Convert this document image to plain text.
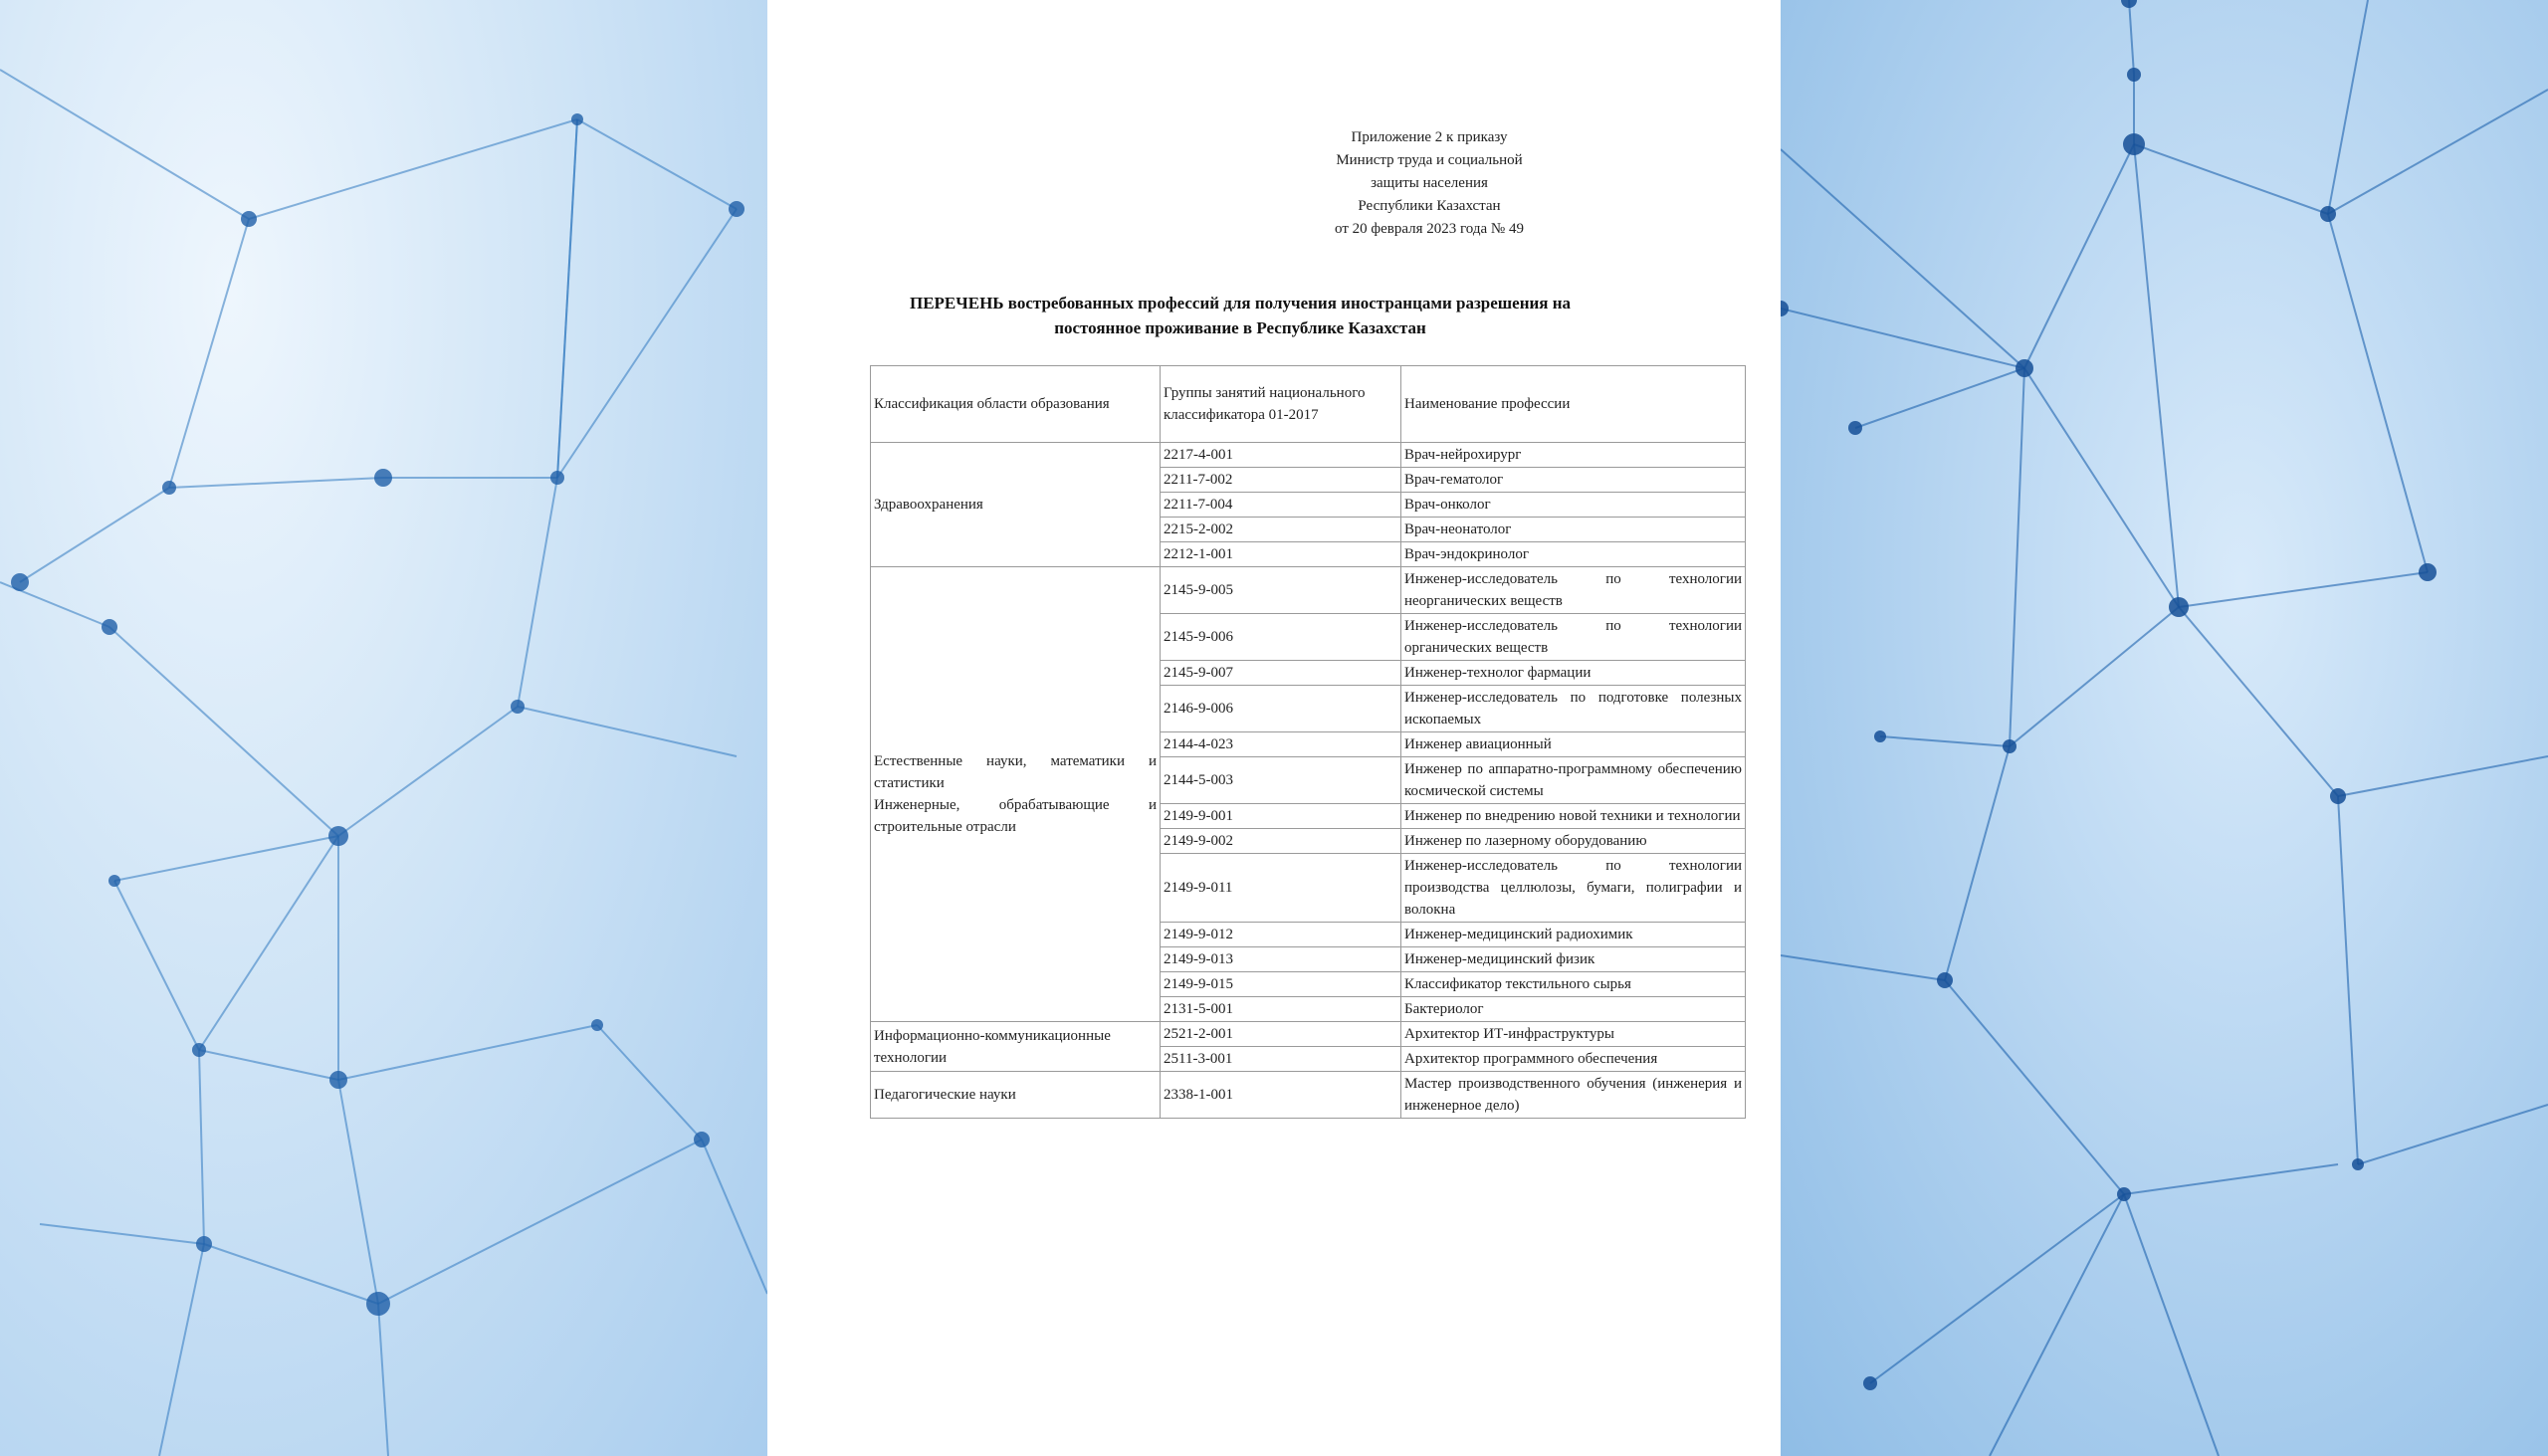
Приложение 2 к приказу
Министр труда и социальной
защиты населения
Республики Казахстан
от 20 февраля 2023 года № 49
ПЕРЕЧЕНЬ востребованных профессий для получения иностранцами разрешения на
постоянное проживание в Республике Казахстан
Классификация области образования	Группы занятий национального классификатора 01-2017	Наименование профессии

Здравоохранения	2217-4-001	Врач-нейрохирург
	2211-7-002	Врач-гематолог
	2211-7-004	Врач-онколог
	2215-2-002	Врач-неонатолог
	2212-1-001	Врач-эндокринолог

Естественные науки, математики и статистики
Инженерные, обрабатывающие и строительные отрасли	2145-9-005	Инженер-исследователь по технологии неорганических веществ
	2145-9-006	Инженер-исследователь по технологии органических веществ
	2145-9-007	Инженер-технолог фармации
	2146-9-006	Инженер-исследователь по подготовке полезных ископаемых
	2144-4-023	Инженер авиационный
	2144-5-003	Инженер по аппаратно-программному обеспечению космической системы
	2149-9-001	Инженер по внедрению новой техники и технологии
	2149-9-002	Инженер по лазерному оборудованию
	2149-9-011	Инженер-исследователь по технологии производства целлюлозы, бумаги, полиграфии и волокна
	2149-9-012	Инженер-медицинский радиохимик
	2149-9-013	Инженер-медицинский физик
	2149-9-015	Классификатор текстильного сырья
	2131-5-001	Бактериолог

Информационно-коммуникационные технологии	2521-2-001	Архитектор ИТ-инфраструктуры
	2511-3-001	Архитектор программного обеспечения

Педагогические науки	2338-1-001	Мастер производственного обучения (инженерия и инженерное дело)
